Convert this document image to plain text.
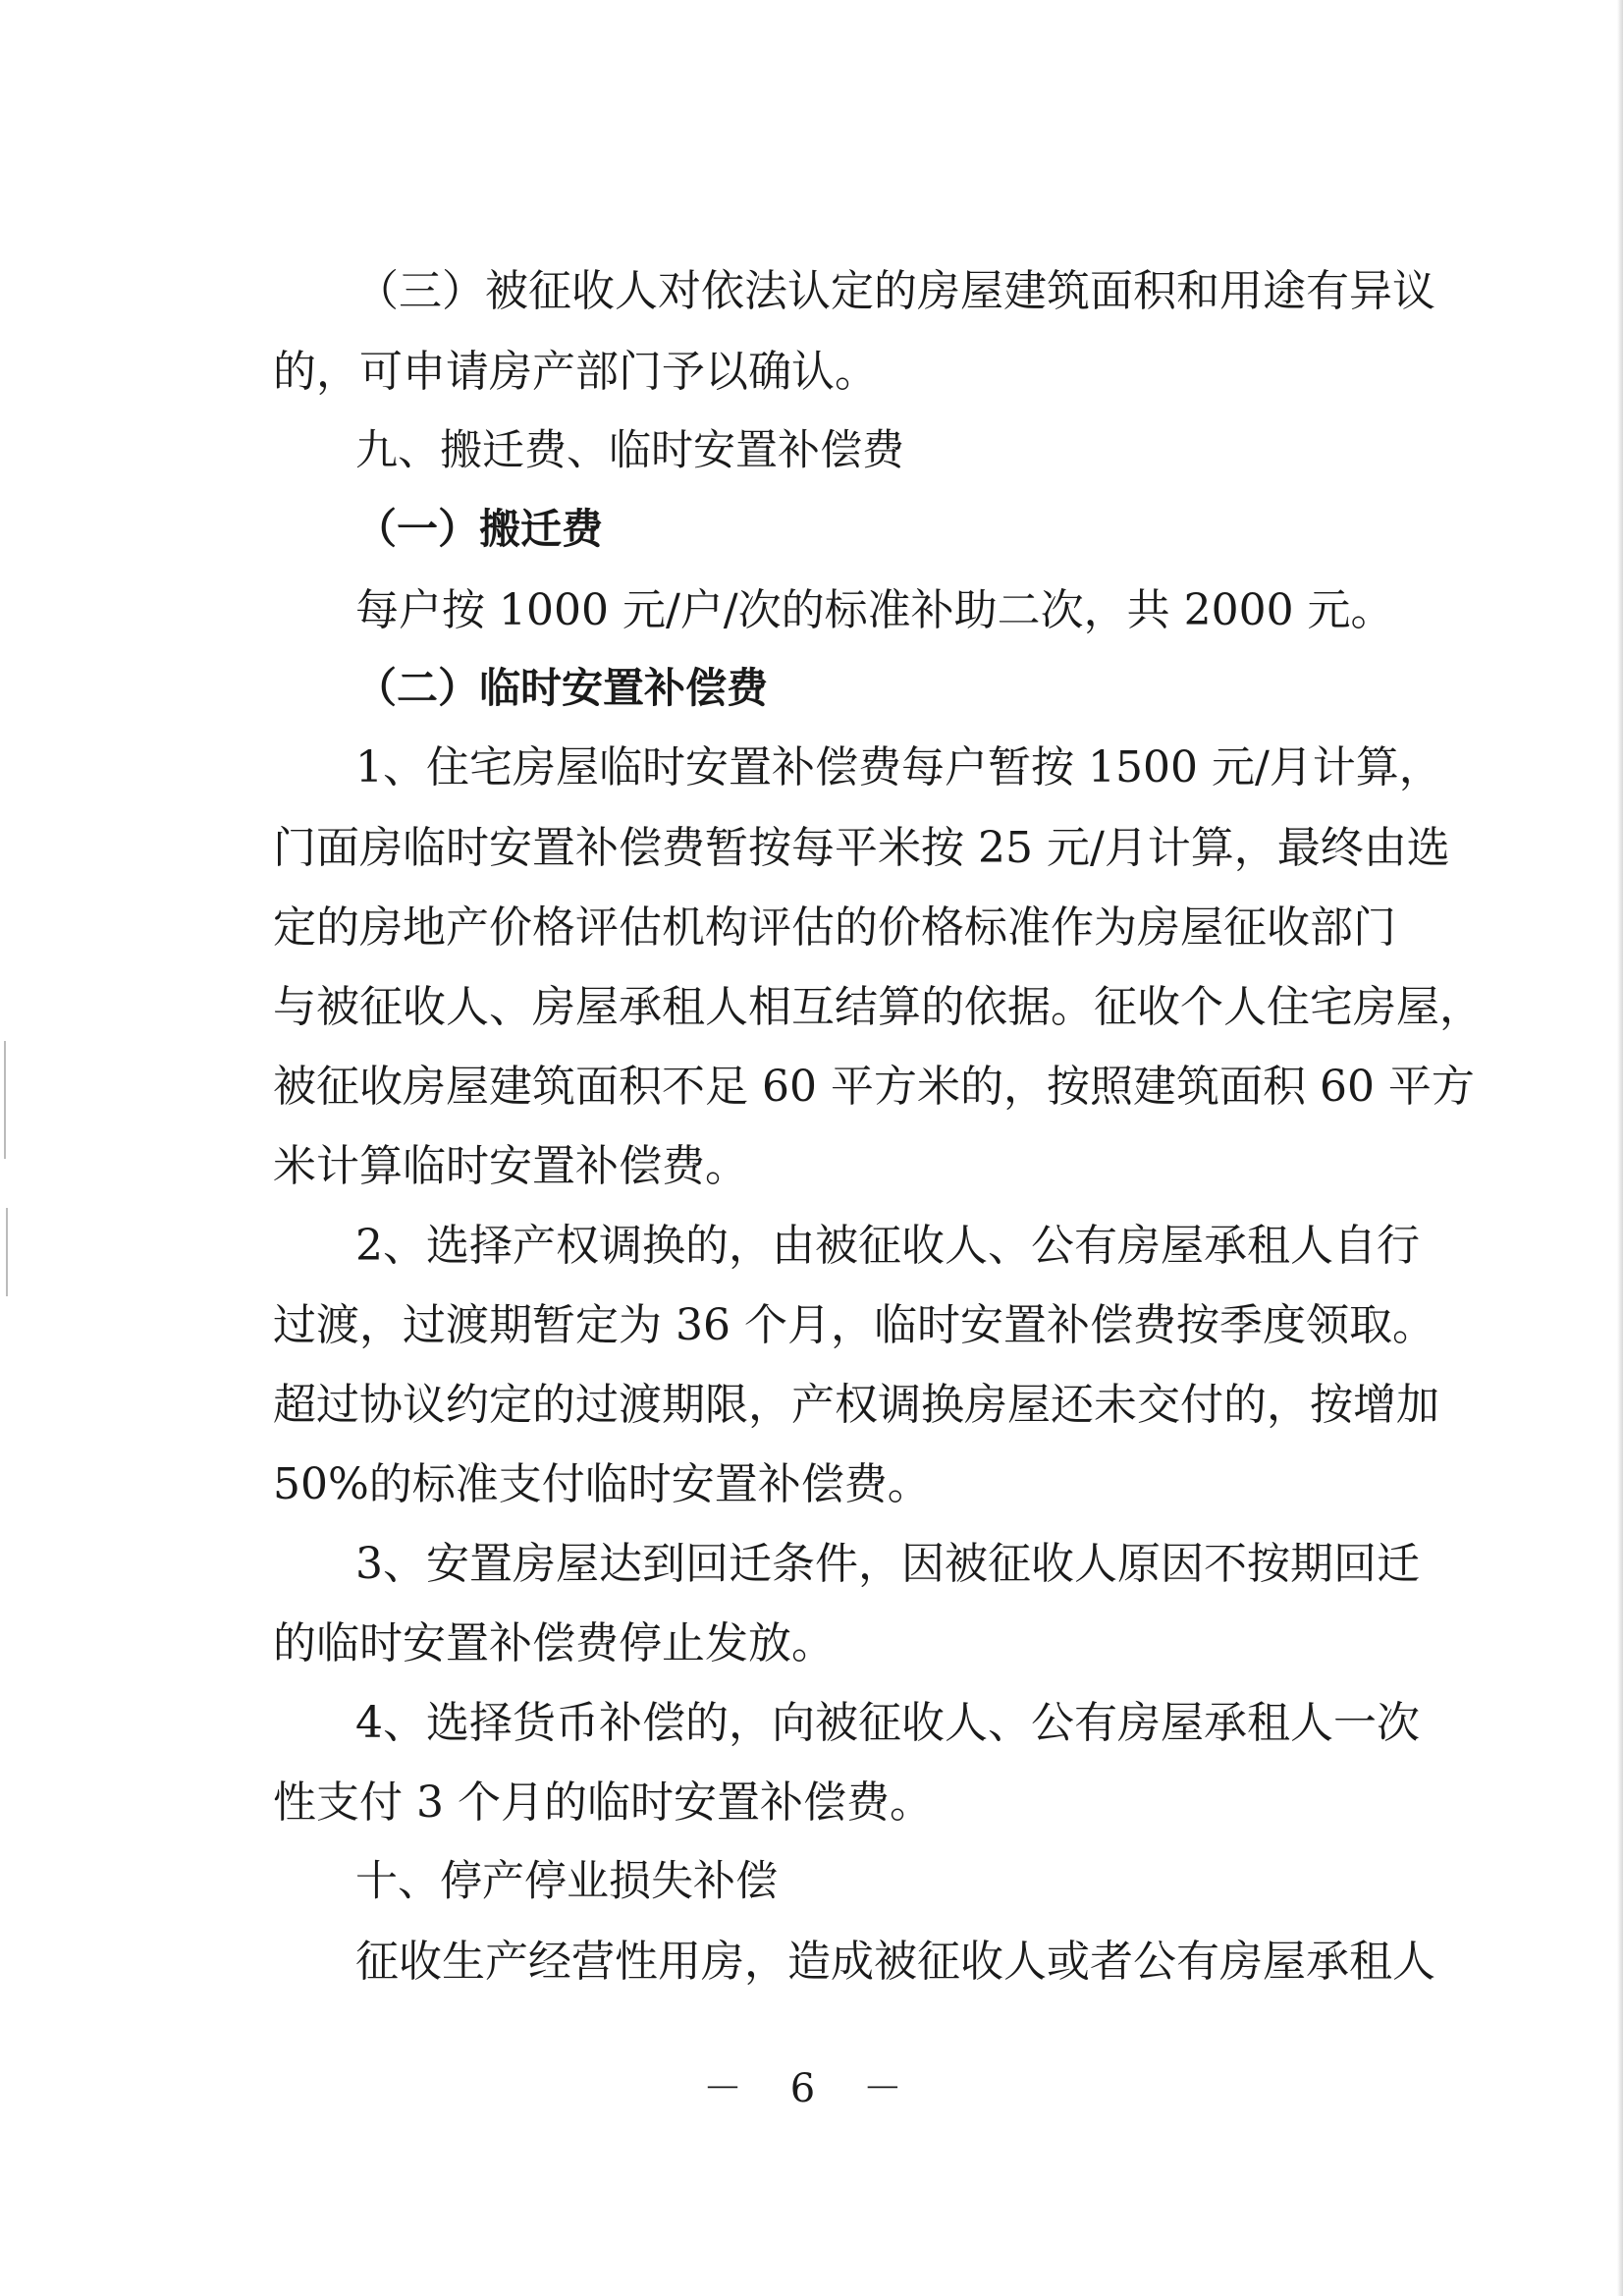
（三）被征收人对依法认定的房屋建筑面积和用途有异议
的，可申请房产部门予以确认。
九、搬迁费、临时安置补偿费
（一）搬迁费
每户按 1000 元/户/次的标准补助二次，共 2000 元。
（二）临时安置补偿费
1、住宅房屋临时安置补偿费每户暂按 1500 元/月计算，
门面房临时安置补偿费暂按每平米按 25 元/月计算，最终由选
定的房地产价格评估机构评估的价格标准作为房屋征收部门
与被征收人、房屋承租人相互结算的依据。征收个人住宅房屋，
被征收房屋建筑面积不足 60 平方米的，按照建筑面积 60 平方
米计算临时安置补偿费。
2、选择产权调换的，由被征收人、公有房屋承租人自行
过渡，过渡期暂定为 36 个月，临时安置补偿费按季度领取。
超过协议约定的过渡期限，产权调换房屋还未交付的，按增加
50%的标准支付临时安置补偿费。
3、安置房屋达到回迁条件，因被征收人原因不按期回迁
的临时安置补偿费停止发放。
4、选择货币补偿的，向被征收人、公有房屋承租人一次
性支付 3 个月的临时安置补偿费。
十、停产停业损失补偿
征收生产经营性用房，造成被征收人或者公有房屋承租人
－ 6 －
